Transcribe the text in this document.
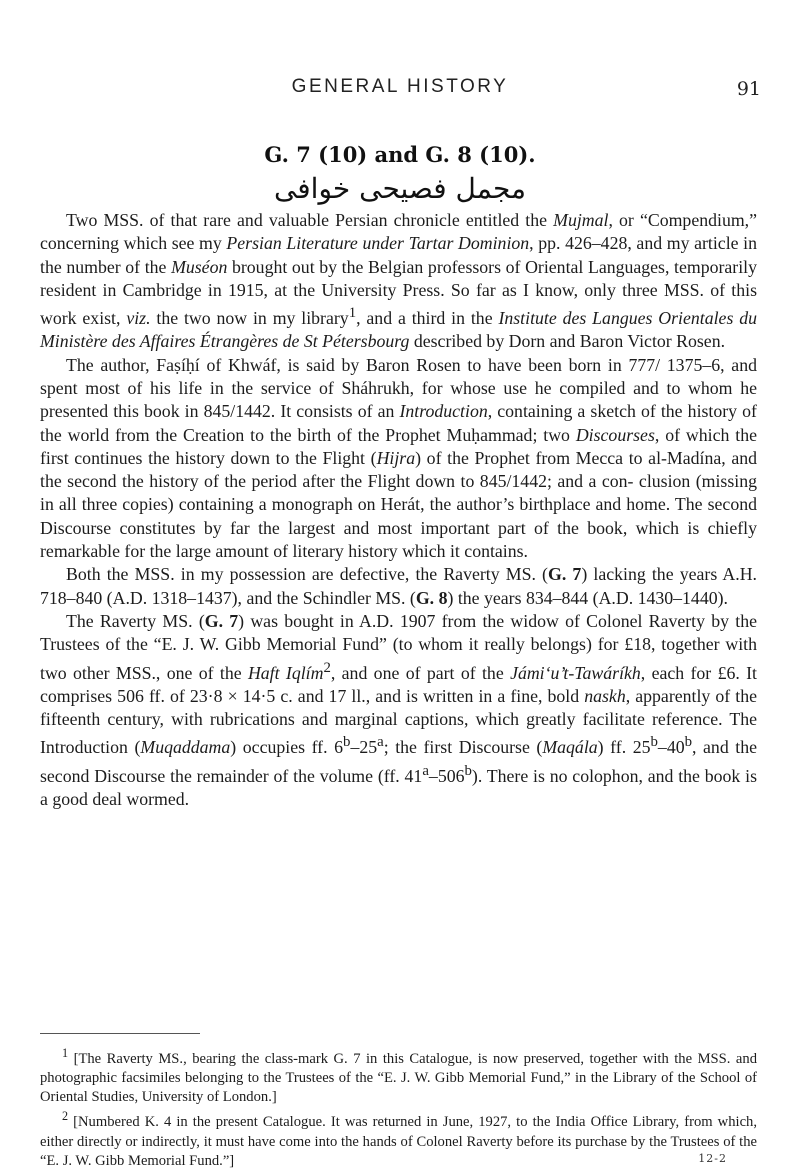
GENERAL HISTORY	91
G. 7 (10) and G. 8 (10).
مجمل فصيحى خوافى

Two MSS. of that rare and valuable Persian chronicle entitled the Mujmal, or “Compendium,” concerning which see my Persian Literature under Tartar Dominion, pp. 426–428, and my article in the number of the Muséon brought out by the Belgian professors of Oriental Languages, temporarily resident in Cambridge in 1915, at the University Press. So far as I know, only three MSS. of this work exist, viz. the two now in my library$^1$, and a third in the Institute des Langues Orientales du Ministère des Affaires Étrangères de St Pétersbourg described by Dorn and Baron Victor Rosen.

The author, Faṣíḥí of Khwáf, is said by Baron Rosen to have been born in 777/ 1375–6, and spent most of his life in the service of Sháhrukh, for whose use he compiled and to whom he presented this book in 845/1442. It consists of an Introduction, containing a sketch of the history of the world from the Creation to the birth of the Prophet Muḥammad; two Discourses, of which the first continues the history down to the Flight (Hijra) of the Prophet from Mecca to al-Madína, and the second the history of the period after the Flight down to 845/1442; and a con- clusion (missing in all three copies) containing a monograph on Herát, the author’s birthplace and home. The second Discourse constitutes by far the largest and most important part of the book, which is chiefly remarkable for the large amount of literary history which it contains.

Both the MSS. in my possession are defective, the Raverty MS. (G. 7) lacking the years A.H. 718–840 (A.D. 1318–1437), and the Schindler MS. (G. 8) the years 834–844 (A.D. 1430–1440).

The Raverty MS. (G. 7) was bought in A.D. 1907 from the widow of Colonel Raverty by the Trustees of the “E. J. W. Gibb Memorial Fund” (to whom it really belongs) for £18, together with two other MSS., one of the Haft Iqlím$^2$, and one of part of the Jámi‘u’t-Tawáríkh, each for £6. It comprises 506 ff. of 23·8 × 14·5 c. and 17 ll., and is written in a fine, bold naskh, apparently of the fifteenth century, with rubrications and marginal captions, which greatly facilitate reference. The Introduction (Muqaddama) occupies ff. 6$^b$–25$^a$; the first Discourse (Maqála) ff. 25$^b$–40$^b$, and the second Discourse the remainder of the volume (ff. 41$^a$–506$^b$). There is no colophon, and the book is a good deal wormed.

$^1$ [The Raverty MS., bearing the class-mark G. 7 in this Catalogue, is now preserved, together with the MSS. and photographic facsimiles belonging to the Trustees of the “E. J. W. Gibb Memorial Fund,” in the Library of the School of Oriental Studies, University of London.]

$^2$ [Numbered K. 4 in the present Catalogue. It was returned in June, 1927, to the India Office Library, from which, either directly or indirectly, it must have come into the hands of Colonel Raverty before its purchase by the Trustees of the “E. J. W. Gibb Memorial Fund.”]	12-2
